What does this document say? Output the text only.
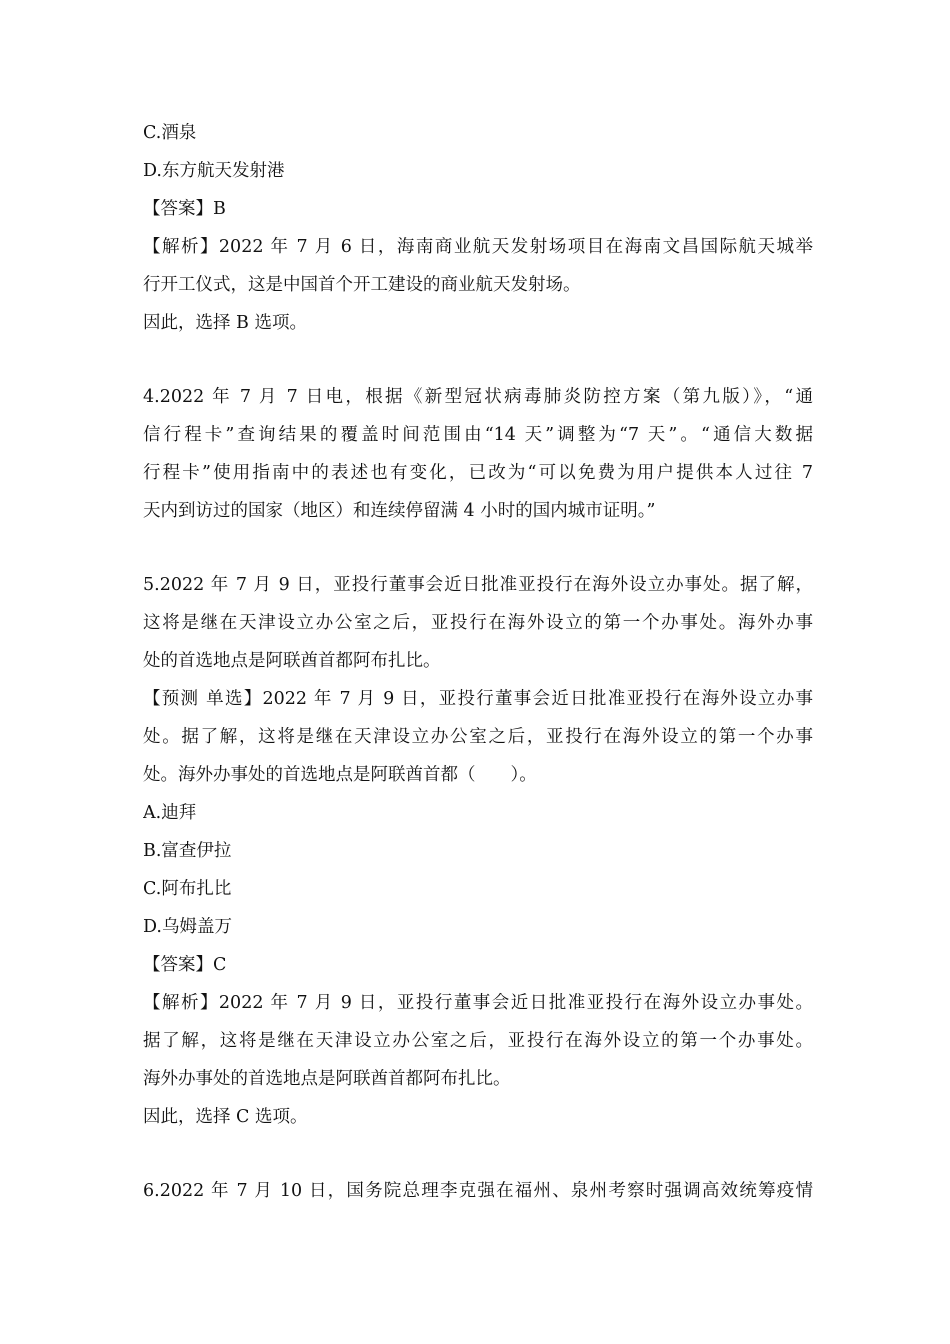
C.酒泉
D.东方航天发射港
【答案】B
【解析】2022 年 7 月 6 日，海南商业航天发射场项目在海南文昌国际航天城举
行开工仪式，这是中国首个开工建设的商业航天发射场。
因此，选择 B 选项。
4.2022 年 7 月 7 日电，根据《新型冠状病毒肺炎防控方案（第九版）》，“通
信行程卡”查询结果的覆盖时间范围由“14 天”调整为“7 天”。“通信大数据
行程卡”使用指南中的表述也有变化，已改为“可以免费为用户提供本人过往 7
天内到访过的国家（地区）和连续停留满 4 小时的国内城市证明。”
5.2022 年 7 月 9 日，亚投行董事会近日批准亚投行在海外设立办事处。据了解，
这将是继在天津设立办公室之后，亚投行在海外设立的第一个办事处。海外办事
处的首选地点是阿联酋首都阿布扎比。
【预测 单选】2022 年 7 月 9 日，亚投行董事会近日批准亚投行在海外设立办事
处。据了解，这将是继在天津设立办公室之后，亚投行在海外设立的第一个办事
处。海外办事处的首选地点是阿联酋首都（　　）。
A.迪拜
B.富查伊拉
C.阿布扎比
D.乌姆盖万
【答案】C
【解析】2022 年 7 月 9 日，亚投行董事会近日批准亚投行在海外设立办事处。
据了解，这将是继在天津设立办公室之后，亚投行在海外设立的第一个办事处。
海外办事处的首选地点是阿联酋首都阿布扎比。
因此，选择 C 选项。
6.2022 年 7 月 10 日，国务院总理李克强在福州、泉州考察时强调高效统筹疫情
